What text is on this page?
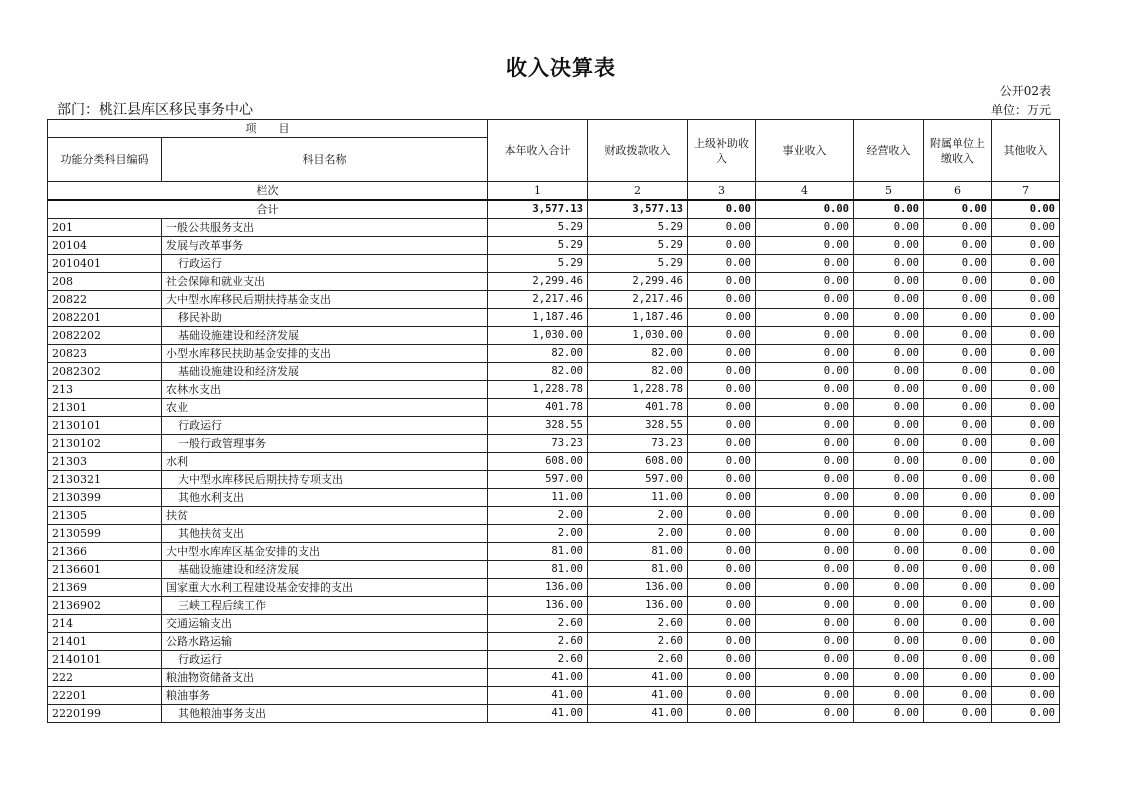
收入决算表
公开02表
部门：桃江县库区移民事务中心	单位：万元
项　　目		本年收入合计	财政拨款收入	上级补助收入	事业收入	经营收入	附属单位上缴收入	其他收入
功能分类科目编码	科目名称							
栏次		1	2	3	4	5	6	7
合计		3,577.13	3,577.13	0.00	0.00	0.00	0.00	0.00
201	一般公共服务支出	5.29	5.29	0.00	0.00	0.00	0.00	0.00
20104	发展与改革事务	5.29	5.29	0.00	0.00	0.00	0.00	0.00
2010401	行政运行	5.29	5.29	0.00	0.00	0.00	0.00	0.00
208	社会保障和就业支出	2,299.46	2,299.46	0.00	0.00	0.00	0.00	0.00
20822	大中型水库移民后期扶持基金支出	2,217.46	2,217.46	0.00	0.00	0.00	0.00	0.00
2082201	移民补助	1,187.46	1,187.46	0.00	0.00	0.00	0.00	0.00
2082202	基础设施建设和经济发展	1,030.00	1,030.00	0.00	0.00	0.00	0.00	0.00
20823	小型水库移民扶助基金安排的支出	82.00	82.00	0.00	0.00	0.00	0.00	0.00
2082302	基础设施建设和经济发展	82.00	82.00	0.00	0.00	0.00	0.00	0.00
213	农林水支出	1,228.78	1,228.78	0.00	0.00	0.00	0.00	0.00
21301	农业	401.78	401.78	0.00	0.00	0.00	0.00	0.00
2130101	行政运行	328.55	328.55	0.00	0.00	0.00	0.00	0.00
2130102	一般行政管理事务	73.23	73.23	0.00	0.00	0.00	0.00	0.00
21303	水利	608.00	608.00	0.00	0.00	0.00	0.00	0.00
2130321	大中型水库移民后期扶持专项支出	597.00	597.00	0.00	0.00	0.00	0.00	0.00
2130399	其他水利支出	11.00	11.00	0.00	0.00	0.00	0.00	0.00
21305	扶贫	2.00	2.00	0.00	0.00	0.00	0.00	0.00
2130599	其他扶贫支出	2.00	2.00	0.00	0.00	0.00	0.00	0.00
21366	大中型水库库区基金安排的支出	81.00	81.00	0.00	0.00	0.00	0.00	0.00
2136601	基础设施建设和经济发展	81.00	81.00	0.00	0.00	0.00	0.00	0.00
21369	国家重大水利工程建设基金安排的支出	136.00	136.00	0.00	0.00	0.00	0.00	0.00
2136902	三峡工程后续工作	136.00	136.00	0.00	0.00	0.00	0.00	0.00
214	交通运输支出	2.60	2.60	0.00	0.00	0.00	0.00	0.00
21401	公路水路运输	2.60	2.60	0.00	0.00	0.00	0.00	0.00
2140101	行政运行	2.60	2.60	0.00	0.00	0.00	0.00	0.00
222	粮油物资储备支出	41.00	41.00	0.00	0.00	0.00	0.00	0.00
22201	粮油事务	41.00	41.00	0.00	0.00	0.00	0.00	0.00
2220199	其他粮油事务支出	41.00	41.00	0.00	0.00	0.00	0.00	0.00
